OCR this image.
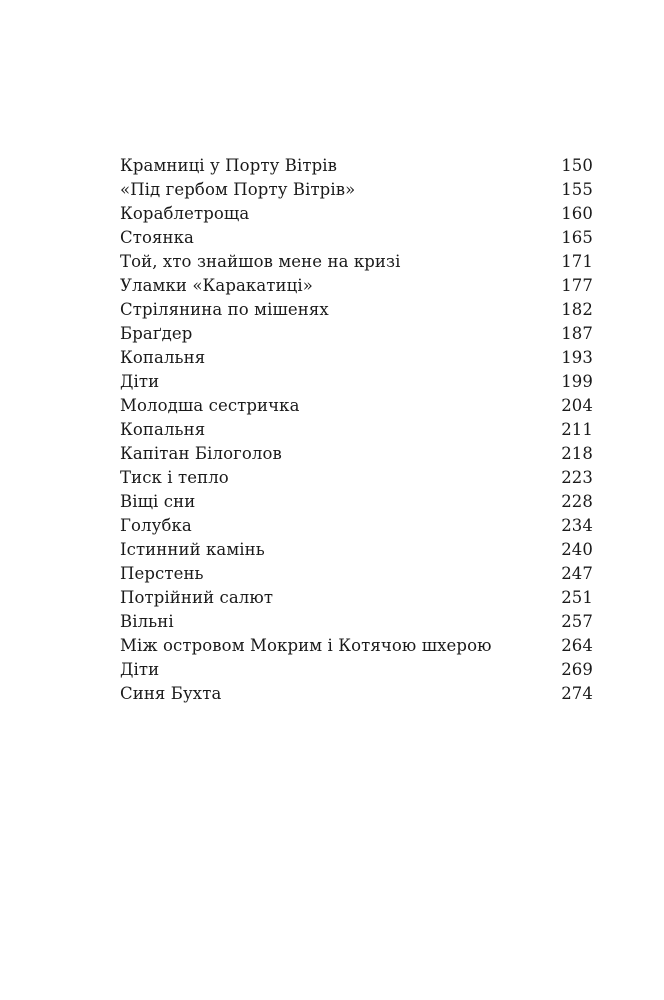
Крамниці у Порту Вітрів	150
«Під гербом Порту Вітрів»	155
Кораблетроща	160
Стоянка	165
Той, хто знайшов мене на кризі	171
Уламки «Каракатиці»	177
Стрілянина по мішенях	182
Браґдер	187
Копальня	193
Діти	199
Молодша сестричка	204
Копальня	211
Капітан Білоголов	218
Тиск і тепло	223
Віщі сни	228
Голубка	234
Істинний камінь	240
Перстень	247
Потрійний салют	251
Вільні	257
Між островом Мокрим і Котячою шхерою	264
Діти	269
Синя Бухта	274
